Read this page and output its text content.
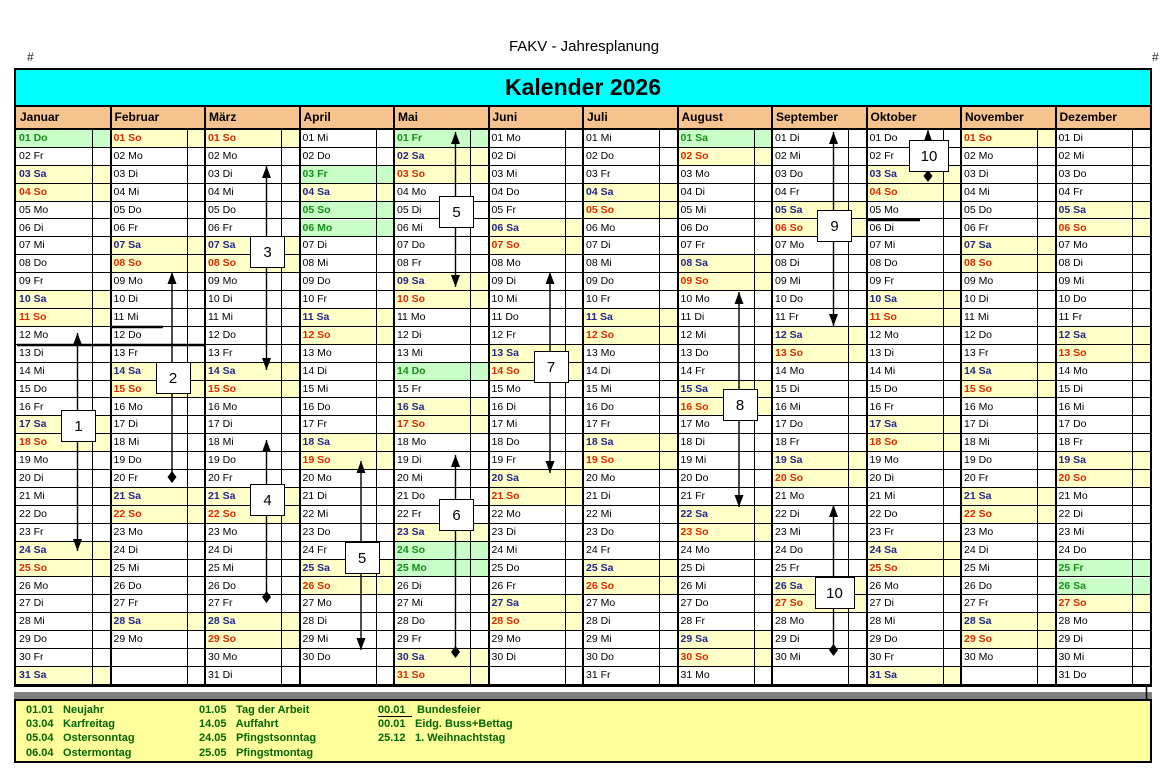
FAKV - Jahresplanung
#	#
Kalender 2026
Januar
01 Do
02 Fr
03 Sa
04 So
05 Mo
06 Di
07 Mi
08 Do
09 Fr
10 Sa
11 So
12 Mo
13 Di
14 Mi
15 Do
16 Fr
17 Sa
18 So
19 Mo
20 Di
21 Mi
22 Do
23 Fr
24 Sa
25 So
26 Mo
27 Di
28 Mi
29 Do
30 Fr
31 Sa
Februar
01 So
02 Mo
03 Di
04 Mi
05 Do
06 Fr
07 Sa
08 So
09 Mo
10 Di
11 Mi
12 Do
13 Fr
14 Sa
15 So
16 Mo
17 Di
18 Mi
19 Do
20 Fr
21 Sa
22 So
23 Mo
24 Di
25 Mi
26 Do
27 Fr
28 Sa
29 Mo
März
01 So
02 Mo
03 Di
04 Mi
05 Do
06 Fr
07 Sa
08 So
09 Mo
10 Di
11 Mi
12 Do
13 Fr
14 Sa
15 So
16 Mo
17 Di
18 Mi
19 Do
20 Fr
21 Sa
22 So
23 Mo
24 Di
25 Mi
26 Do
27 Fr
28 Sa
29 So
30 Mo
31 Di
April
01 Mi
02 Do
03 Fr
04 Sa
05 So
06 Mo
07 Di
08 Mi
09 Do
10 Fr
11 Sa
12 So
13 Mo
14 Di
15 Mi
16 Do
17 Fr
18 Sa
19 So
20 Mo
21 Di
22 Mi
23 Do
24 Fr
25 Sa
26 So
27 Mo
28 Di
29 Mi
30 Do
Mai
01 Fr
02 Sa
03 So
04 Mo
05 Di
06 Mi
07 Do
08 Fr
09 Sa
10 So
11 Mo
12 Di
13 Mi
14 Do
15 Fr
16 Sa
17 So
18 Mo
19 Di
20 Mi
21 Do
22 Fr
23 Sa
24 So
25 Mo
26 Di
27 Mi
28 Do
29 Fr
30 Sa
31 So
Juni
01 Mo
02 Di
03 Mi
04 Do
05 Fr
06 Sa
07 So
08 Mo
09 Di
10 Mi
11 Do
12 Fr
13 Sa
14 So
15 Mo
16 Di
17 Mi
18 Do
19 Fr
20 Sa
21 So
22 Mo
23 Di
24 Mi
25 Do
26 Fr
27 Sa
28 So
29 Mo
30 Di
Juli
01 Mi
02 Do
03 Fr
04 Sa
05 So
06 Mo
07 Di
08 Mi
09 Do
10 Fr
11 Sa
12 So
13 Mo
14 Di
15 Mi
16 Do
17 Fr
18 Sa
19 So
20 Mo
21 Di
22 Mi
23 Do
24 Fr
25 Sa
26 So
27 Mo
28 Di
29 Mi
30 Do
31 Fr
August
01 Sa
02 So
03 Mo
04 Di
05 Mi
06 Do
07 Fr
08 Sa
09 So
10 Mo
11 Di
12 Mi
13 Do
14 Fr
15 Sa
16 So
17 Mo
18 Di
19 Mi
20 Do
21 Fr
22 Sa
23 So
24 Mo
25 Di
26 Mi
27 Do
28 Fr
29 Sa
30 So
31 Mo
September
01 Di
02 Mi
03 Do
04 Fr
05 Sa
06 So
07 Mo
08 Di
09 Mi
10 Do
11 Fr
12 Sa
13 So
14 Mo
15 Di
16 Mi
17 Do
18 Fr
19 Sa
20 So
21 Mo
22 Di
23 Mi
24 Do
25 Fr
26 Sa
27 So
28 Mo
29 Di
30 Mi
Oktober
01 Do
02 Fr
03 Sa
04 So
05 Mo
06 Di
07 Mi
08 Do
09 Fr
10 Sa
11 So
12 Mo
13 Di
14 Mi
15 Do
16 Fr
17 Sa
18 So
19 Mo
20 Di
21 Mi
22 Do
23 Fr
24 Sa
25 So
26 Mo
27 Di
28 Mi
29 Do
30 Fr
31 Sa
November
01 So
02 Mo
03 Di
04 Mi
05 Do
06 Fr
07 Sa
08 So
09 Mo
10 Di
11 Mi
12 Do
13 Fr
14 Sa
15 So
16 Mo
17 Di
18 Mi
19 Do
20 Fr
21 Sa
22 So
23 Mo
24 Di
25 Mi
26 Do
27 Fr
28 Sa
29 So
30 Mo
Dezember
01 Di
02 Mi
03 Do
04 Fr
05 Sa
06 So
07 Mo
08 Di
09 Mi
10 Do
11 Fr
12 Sa
13 So
14 Mo
15 Di
16 Mi
17 Do
18 Fr
19 Sa
20 So
21 Mo
22 Di
23 Mi
24 Do
25 Fr
26 Sa
27 So
28 Mo
29 Di
30 Mi
31 Do
1
2
3
4
5
5
6
7
8
9
10
10
01.01 Neujahr
03.04 Karfreitag
05.04 Ostersonntag
06.04 Ostermontag
01.05 Tag der Arbeit
14.05 Auffahrt
24.05 Pfingstsonntag
25.05 Pfingstmontag
00.01 Bundesfeier
00.01 Eidg. Buss+Bettag
25.12 1. Weihnachtstag
